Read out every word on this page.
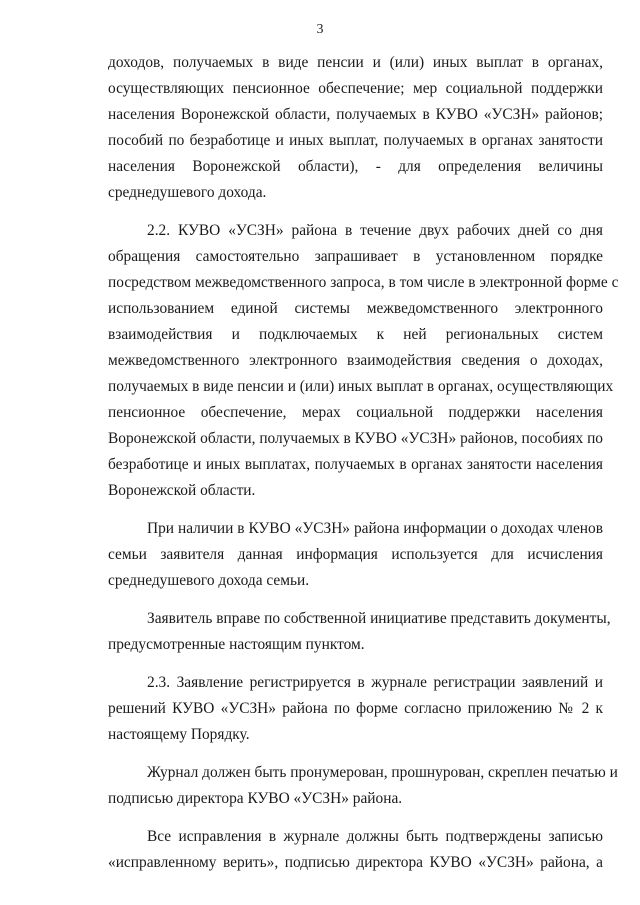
3
доходов, получаемых в виде пенсии и (или) иных выплат в органах,
осуществляющих пенсионное обеспечение; мер социальной поддержки
населения Воронежской области, получаемых в КУВО «УСЗН» районов;
пособий по безработице и иных выплат, получаемых в органах занятости
населения Воронежской области), - для определения величины
среднедушевого дохода.
2.2. КУВО «УСЗН» района в течение двух рабочих дней со дня
обращения самостоятельно запрашивает в установленном порядке
посредством межведомственного запроса, в том числе в электронной форме с
использованием единой системы межведомственного электронного
взаимодействия и подключаемых к ней региональных систем
межведомственного электронного взаимодействия сведения о доходах,
получаемых в виде пенсии и (или) иных выплат в органах, осуществляющих
пенсионное обеспечение, мерах социальной поддержки населения
Воронежской области, получаемых в КУВО «УСЗН» районов, пособиях по
безработице и иных выплатах, получаемых в органах занятости населения
Воронежской области.
При наличии в КУВО «УСЗН» района информации о доходах членов
семьи заявителя данная информация используется для исчисления
среднедушевого дохода семьи.
Заявитель вправе по собственной инициативе представить документы,
предусмотренные настоящим пунктом.
2.3. Заявление регистрируется в журнале регистрации заявлений и
решений КУВО «УСЗН» района по форме согласно приложению № 2 к
настоящему Порядку.
Журнал должен быть пронумерован, прошнурован, скреплен печатью и
подписью директора КУВО «УСЗН» района.
Все исправления в журнале должны быть подтверждены записью
«исправленному верить», подписью директора КУВО «УСЗН» района, а
